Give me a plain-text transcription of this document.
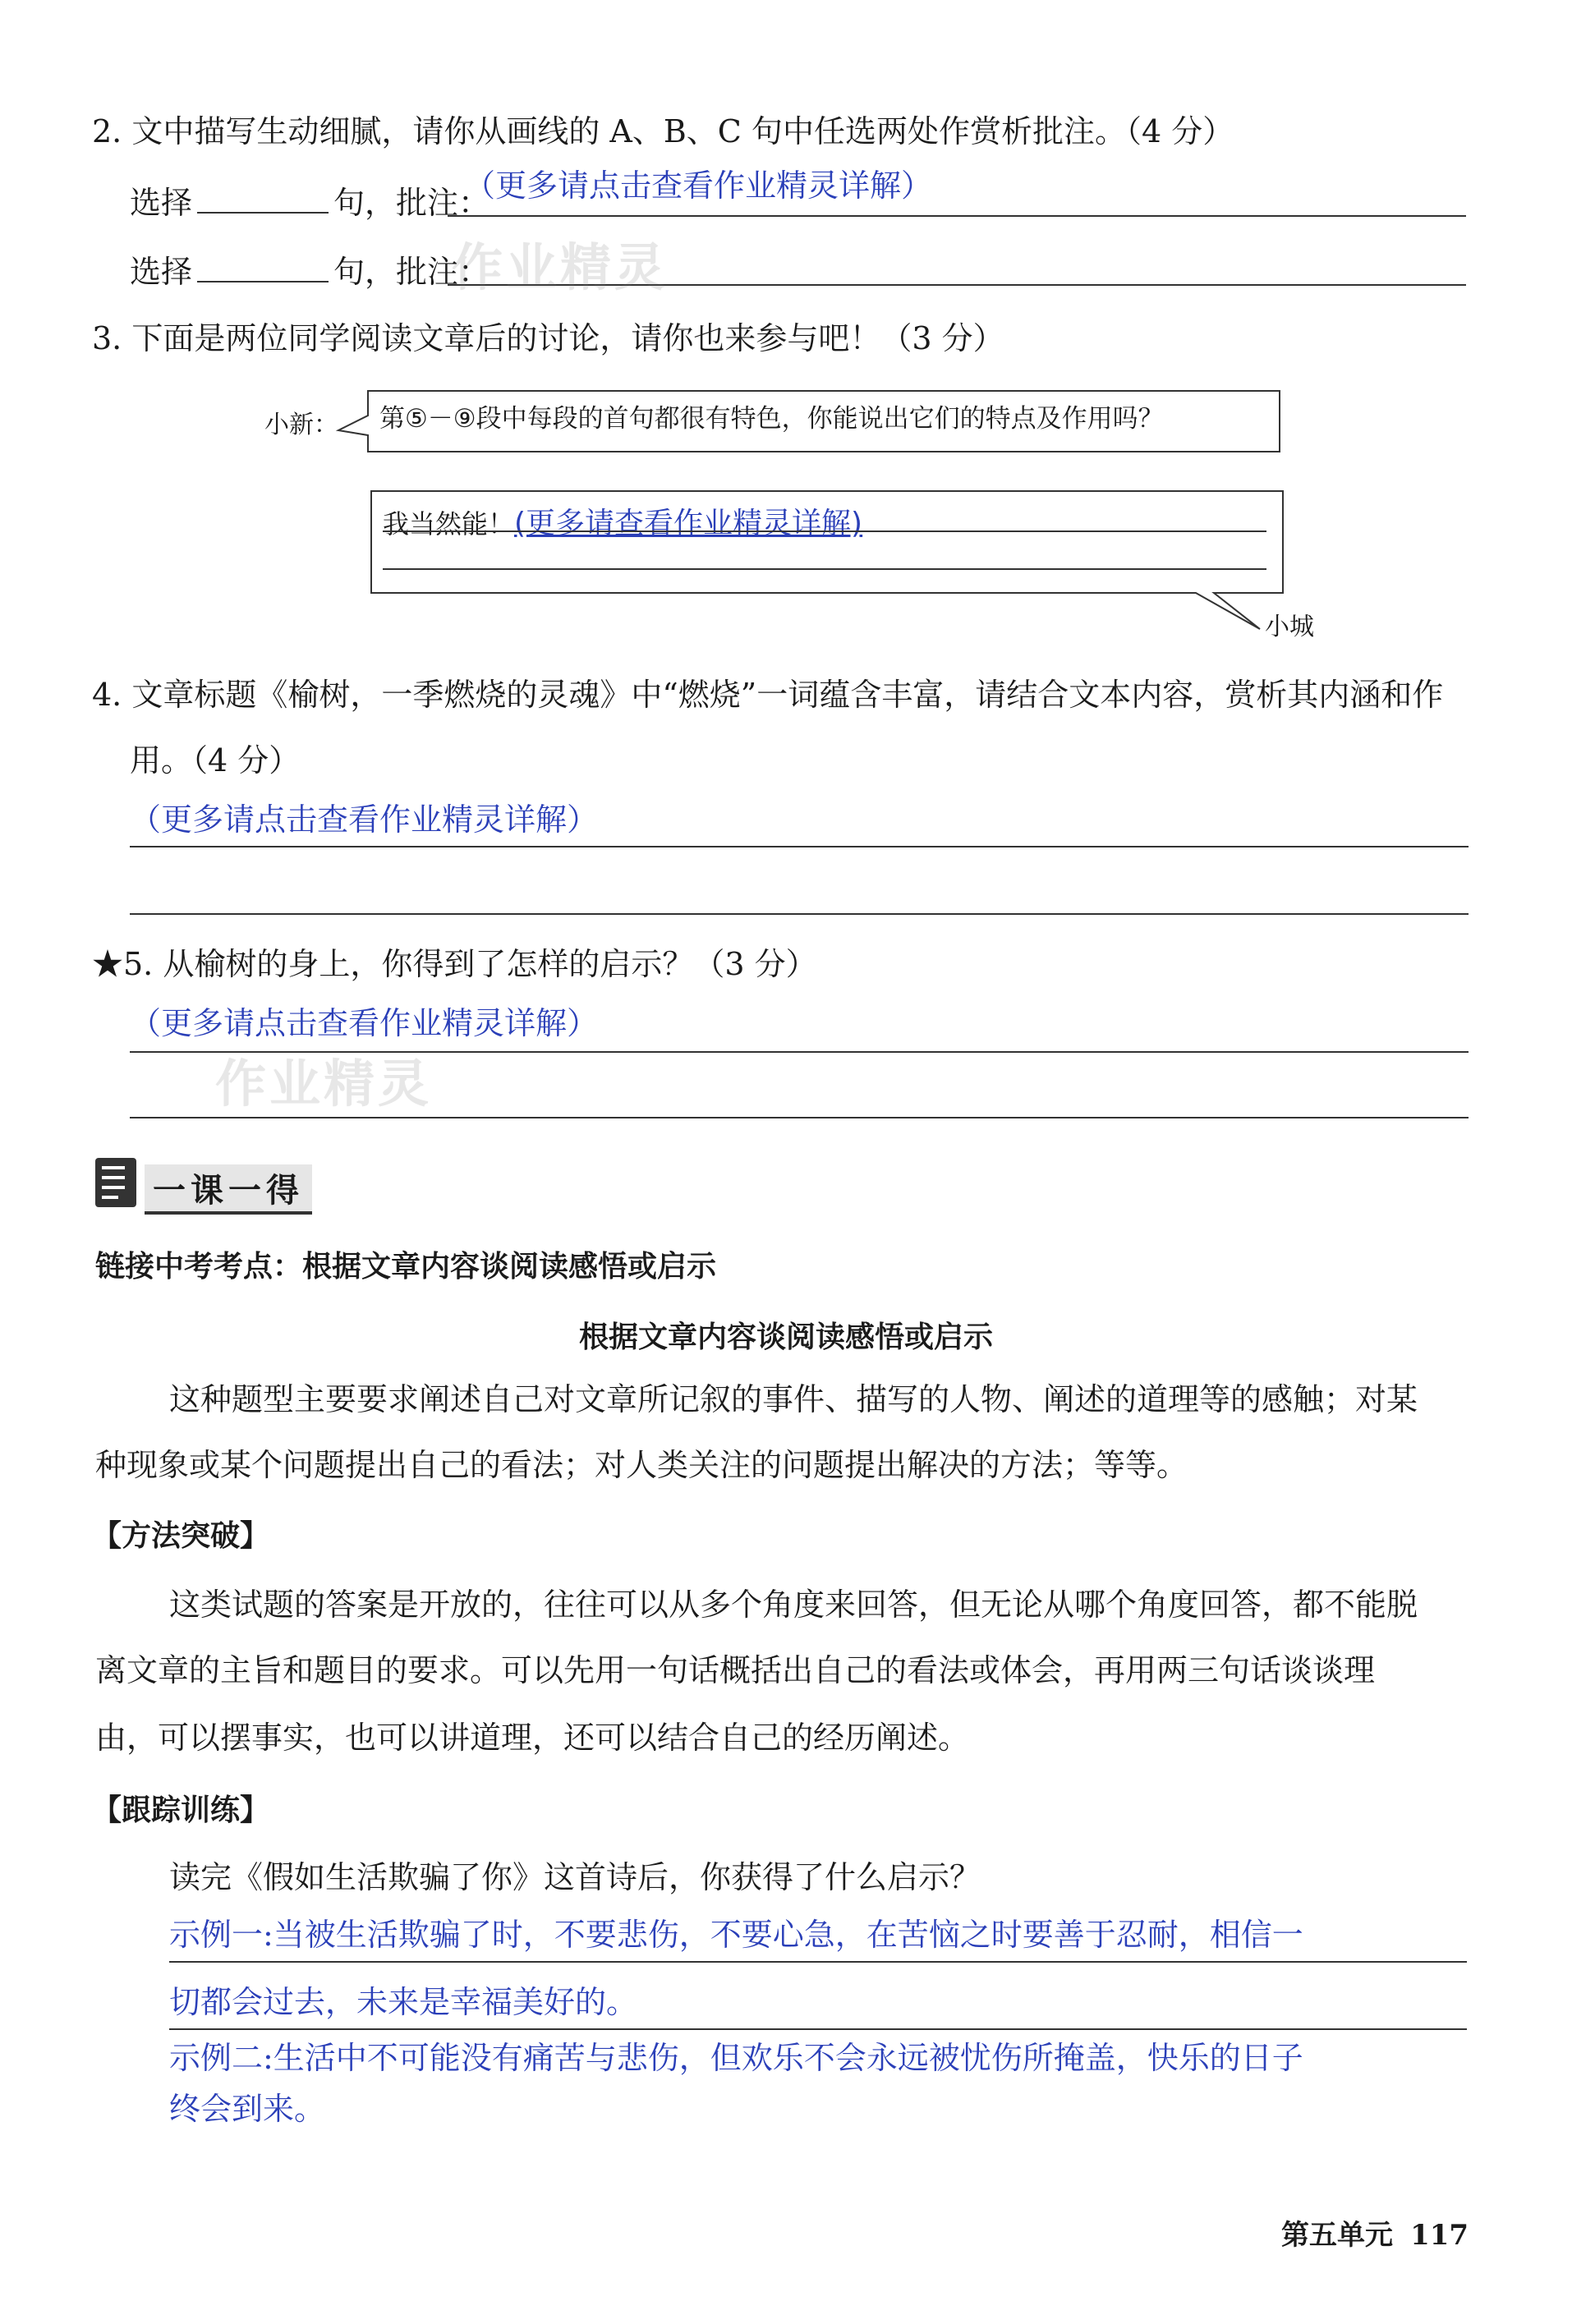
2. 文中描写生动细腻，请你从画线的 A、B、C 句中任选两处作赏析批注。（4 分）
选择	句，批注：
（更多请点击查看作业精灵详解）
选择	句，批注：
作业精灵
3. 下面是两位同学阅读文章后的讨论，请你也来参与吧！（3 分）
小新： 第⑤－⑨段中每段的首句都很有特色，你能说出它们的特点及作用吗？
我当然能！(更多请查看作业精灵详解)
小城
4. 文章标题《榆树，一季燃烧的灵魂》中“燃烧”一词蕴含丰富，请结合文本内容，赏析其内涵和作
用。（4 分）
（更多请点击查看作业精灵详解）
★5. 从榆树的身上，你得到了怎样的启示？（3 分）
（更多请点击查看作业精灵详解）
作业精灵
一课一得
链接中考考点：根据文章内容谈阅读感悟或启示
根据文章内容谈阅读感悟或启示
这种题型主要要求阐述自己对文章所记叙的事件、描写的人物、阐述的道理等的感触；对某
种现象或某个问题提出自己的看法；对人类关注的问题提出解决的方法；等等。
【方法突破】
这类试题的答案是开放的，往往可以从多个角度来回答，但无论从哪个角度回答，都不能脱
离文章的主旨和题目的要求。可以先用一句话概括出自己的看法或体会，再用两三句话谈谈理
由，可以摆事实，也可以讲道理，还可以结合自己的经历阐述。
【跟踪训练】
读完《假如生活欺骗了你》这首诗后，你获得了什么启示？
示例一:当被生活欺骗了时，不要悲伤，不要心急，在苦恼之时要善于忍耐，相信一
切都会过去，未来是幸福美好的。
示例二:生活中不可能没有痛苦与悲伤，但欢乐不会永远被忧伤所掩盖，快乐的日子
终会到来。
第五单元 117
